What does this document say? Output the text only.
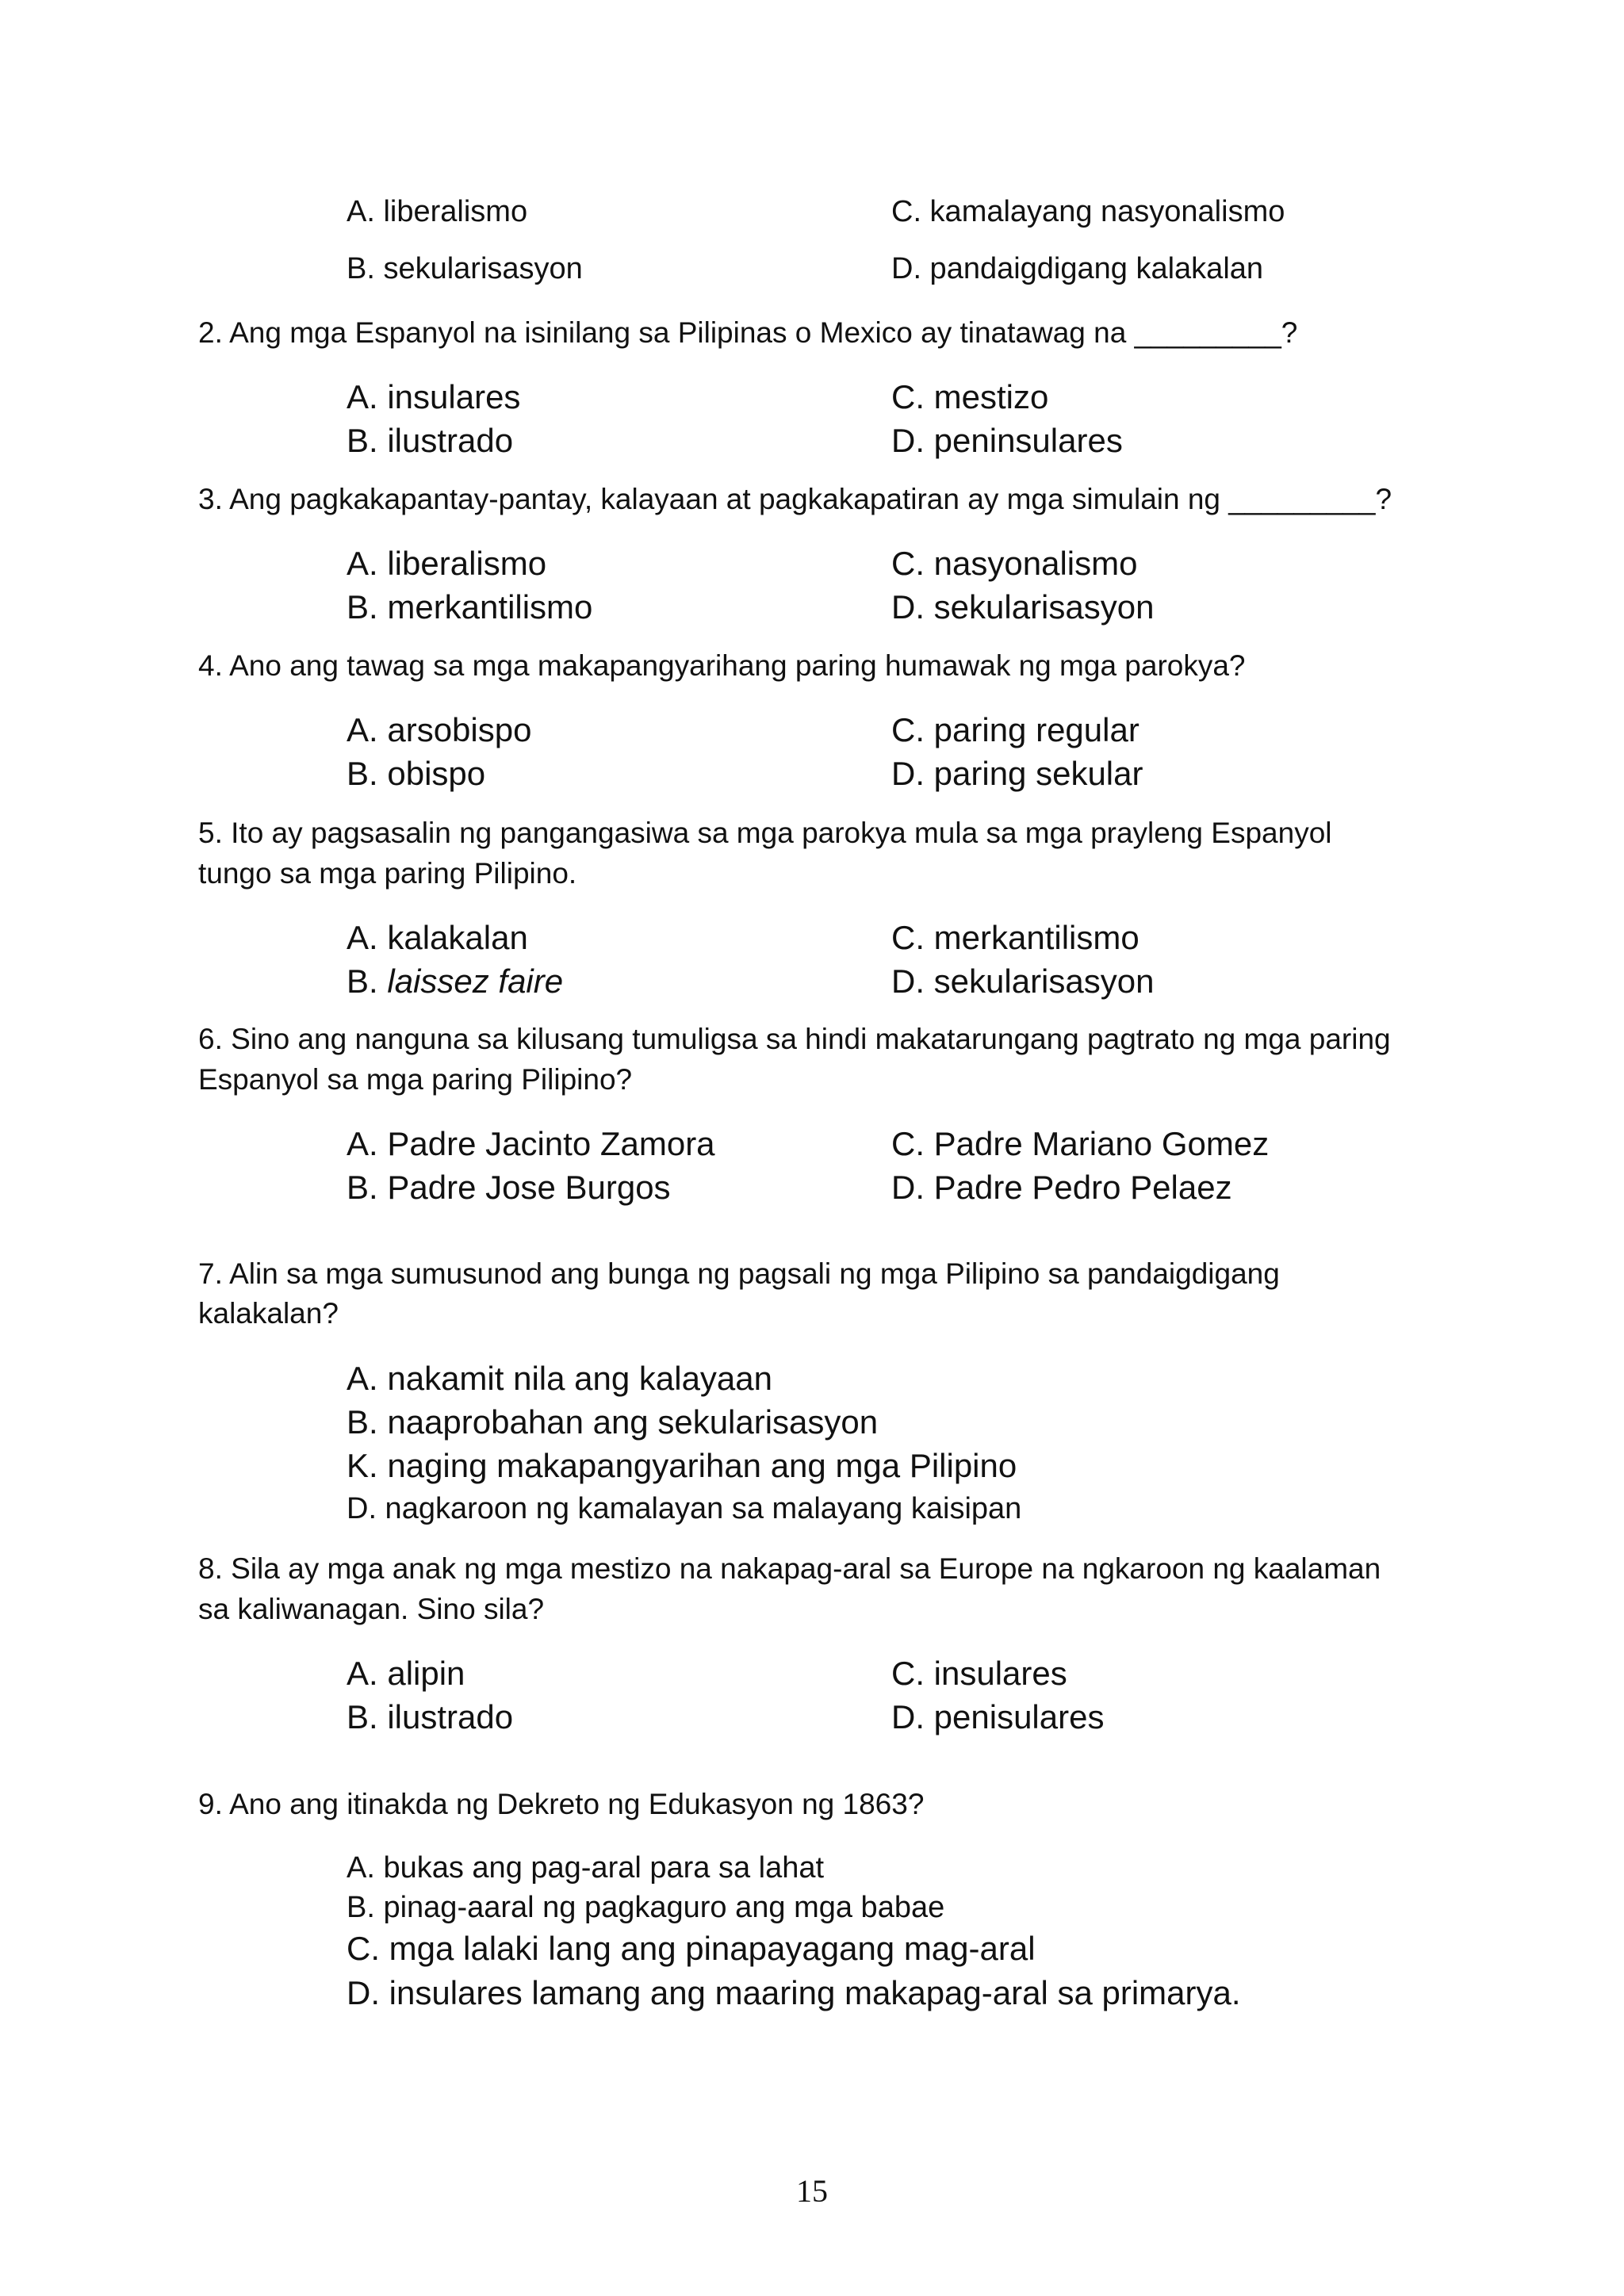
A. liberalismo	C. kamalayang nasyonalismo
B. sekularisasyon	D. pandaigdigang kalakalan
2. Ang mga Espanyol na isinilang sa Pilipinas o Mexico ay tinatawag na _________?
A. insulares	C. mestizo
B. ilustrado	D. peninsulares
3. Ang pagkakapantay-pantay, kalayaan at pagkakapatiran ay mga simulain ng _________?
A. liberalismo	C. nasyonalismo
B. merkantilismo	D. sekularisasyon
4. Ano ang tawag sa mga makapangyarihang paring humawak ng mga parokya?
A. arsobispo	C. paring regular
B. obispo	D. paring sekular
5. Ito ay pagsasalin ng pangangasiwa sa mga parokya mula sa mga prayleng Espanyol
tungo sa mga paring Pilipino.
A. kalakalan	C. merkantilismo
B. laissez faire	D. sekularisasyon
6. Sino ang nanguna sa kilusang tumuligsa sa hindi makatarungang pagtrato ng mga paring
Espanyol sa mga paring Pilipino?
A. Padre Jacinto Zamora	C. Padre Mariano Gomez
B. Padre Jose Burgos	D. Padre Pedro Pelaez
7. Alin sa mga sumusunod ang bunga ng pagsali ng mga Pilipino sa pandaigdigang
kalakalan?
A. nakamit nila ang kalayaan
B. naaprobahan ang sekularisasyon
K. naging makapangyarihan ang mga Pilipino
D. nagkaroon ng kamalayan sa malayang kaisipan
8. Sila ay mga anak ng mga mestizo na nakapag-aral sa Europe na ngkaroon ng kaalaman
sa kaliwanagan. Sino sila?
A. alipin	C. insulares
B. ilustrado	D. penisulares
9. Ano ang itinakda ng Dekreto ng Edukasyon ng 1863?
A. bukas ang pag-aral para sa lahat
B. pinag-aaral ng pagkaguro ang mga babae
C. mga lalaki lang ang pinapayagang mag-aral
D. insulares lamang ang maaring makapag-aral sa primarya.
15
